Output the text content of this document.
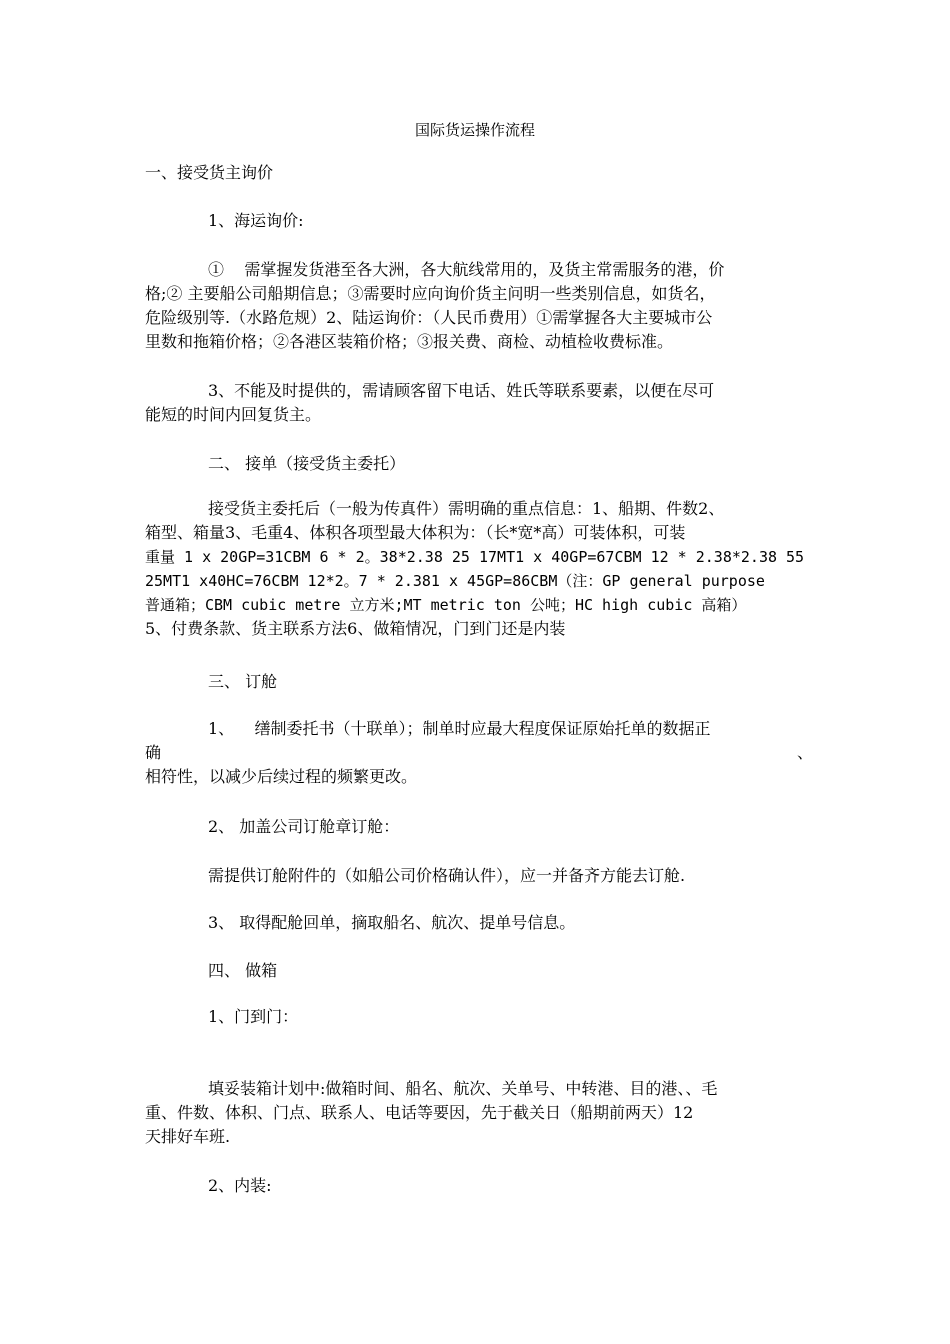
国际货运操作流程

一、接受货主询价

1、海运询价:

①    需掌握发货港至各大洲，各大航线常用的，及货主常需服务的港，价
格;② 主要船公司船期信息；③需要时应向询价货主问明一些类别信息，如货名，
危险级别等.（水路危规）2、陆运询价：（人民币费用）①需掌握各大主要城市公
里数和拖箱价格；②各港区装箱价格；③报关费、商检、动植检收费标准。
3、不能及时提供的，需请顾客留下电话、姓氏等联系要素，以便在尽可
能短的时间内回复货主。

二、 接单（接受货主委托）

接受货主委托后（一般为传真件）需明确的重点信息：1、船期、件数2、
箱型、箱量3、毛重4、体积各项型最大体积为：（长*宽*高）可装体积，可装
重量 1 x 20GP=31CBM 6 * 2。38*2.38 25 17MT1 x 40GP=67CBM 12 * 2.38*2.38 55
25MT1 x40HC=76CBM 12*2。7 * 2.381 x 45GP=86CBM（注：GP general purpose
普通箱；CBM cubic metre 立方米;MT metric ton 公吨；HC high cubic 高箱）
5、付费条款、货主联系方法6、做箱情况，门到门还是内装

三、 订舱

1、    缮制委托书（十联单）；制单时应最大程度保证原始托单的数据正
确	、
相符性，以减少后续过程的频繁更改。

2、 加盖公司订舱章订舱：

需提供订舱附件的（如船公司价格确认件），应一并备齐方能去订舱.

3、 取得配舱回单，摘取船名、航次、提单号信息。

四、 做箱

1、门到门：

填妥装箱计划中:做箱时间、船名、航次、关单号、中转港、目的港、、毛
重、件数、体积、门点、联系人、电话等要因，先于截关日（船期前两天）12
天排好车班.

2、内装:
